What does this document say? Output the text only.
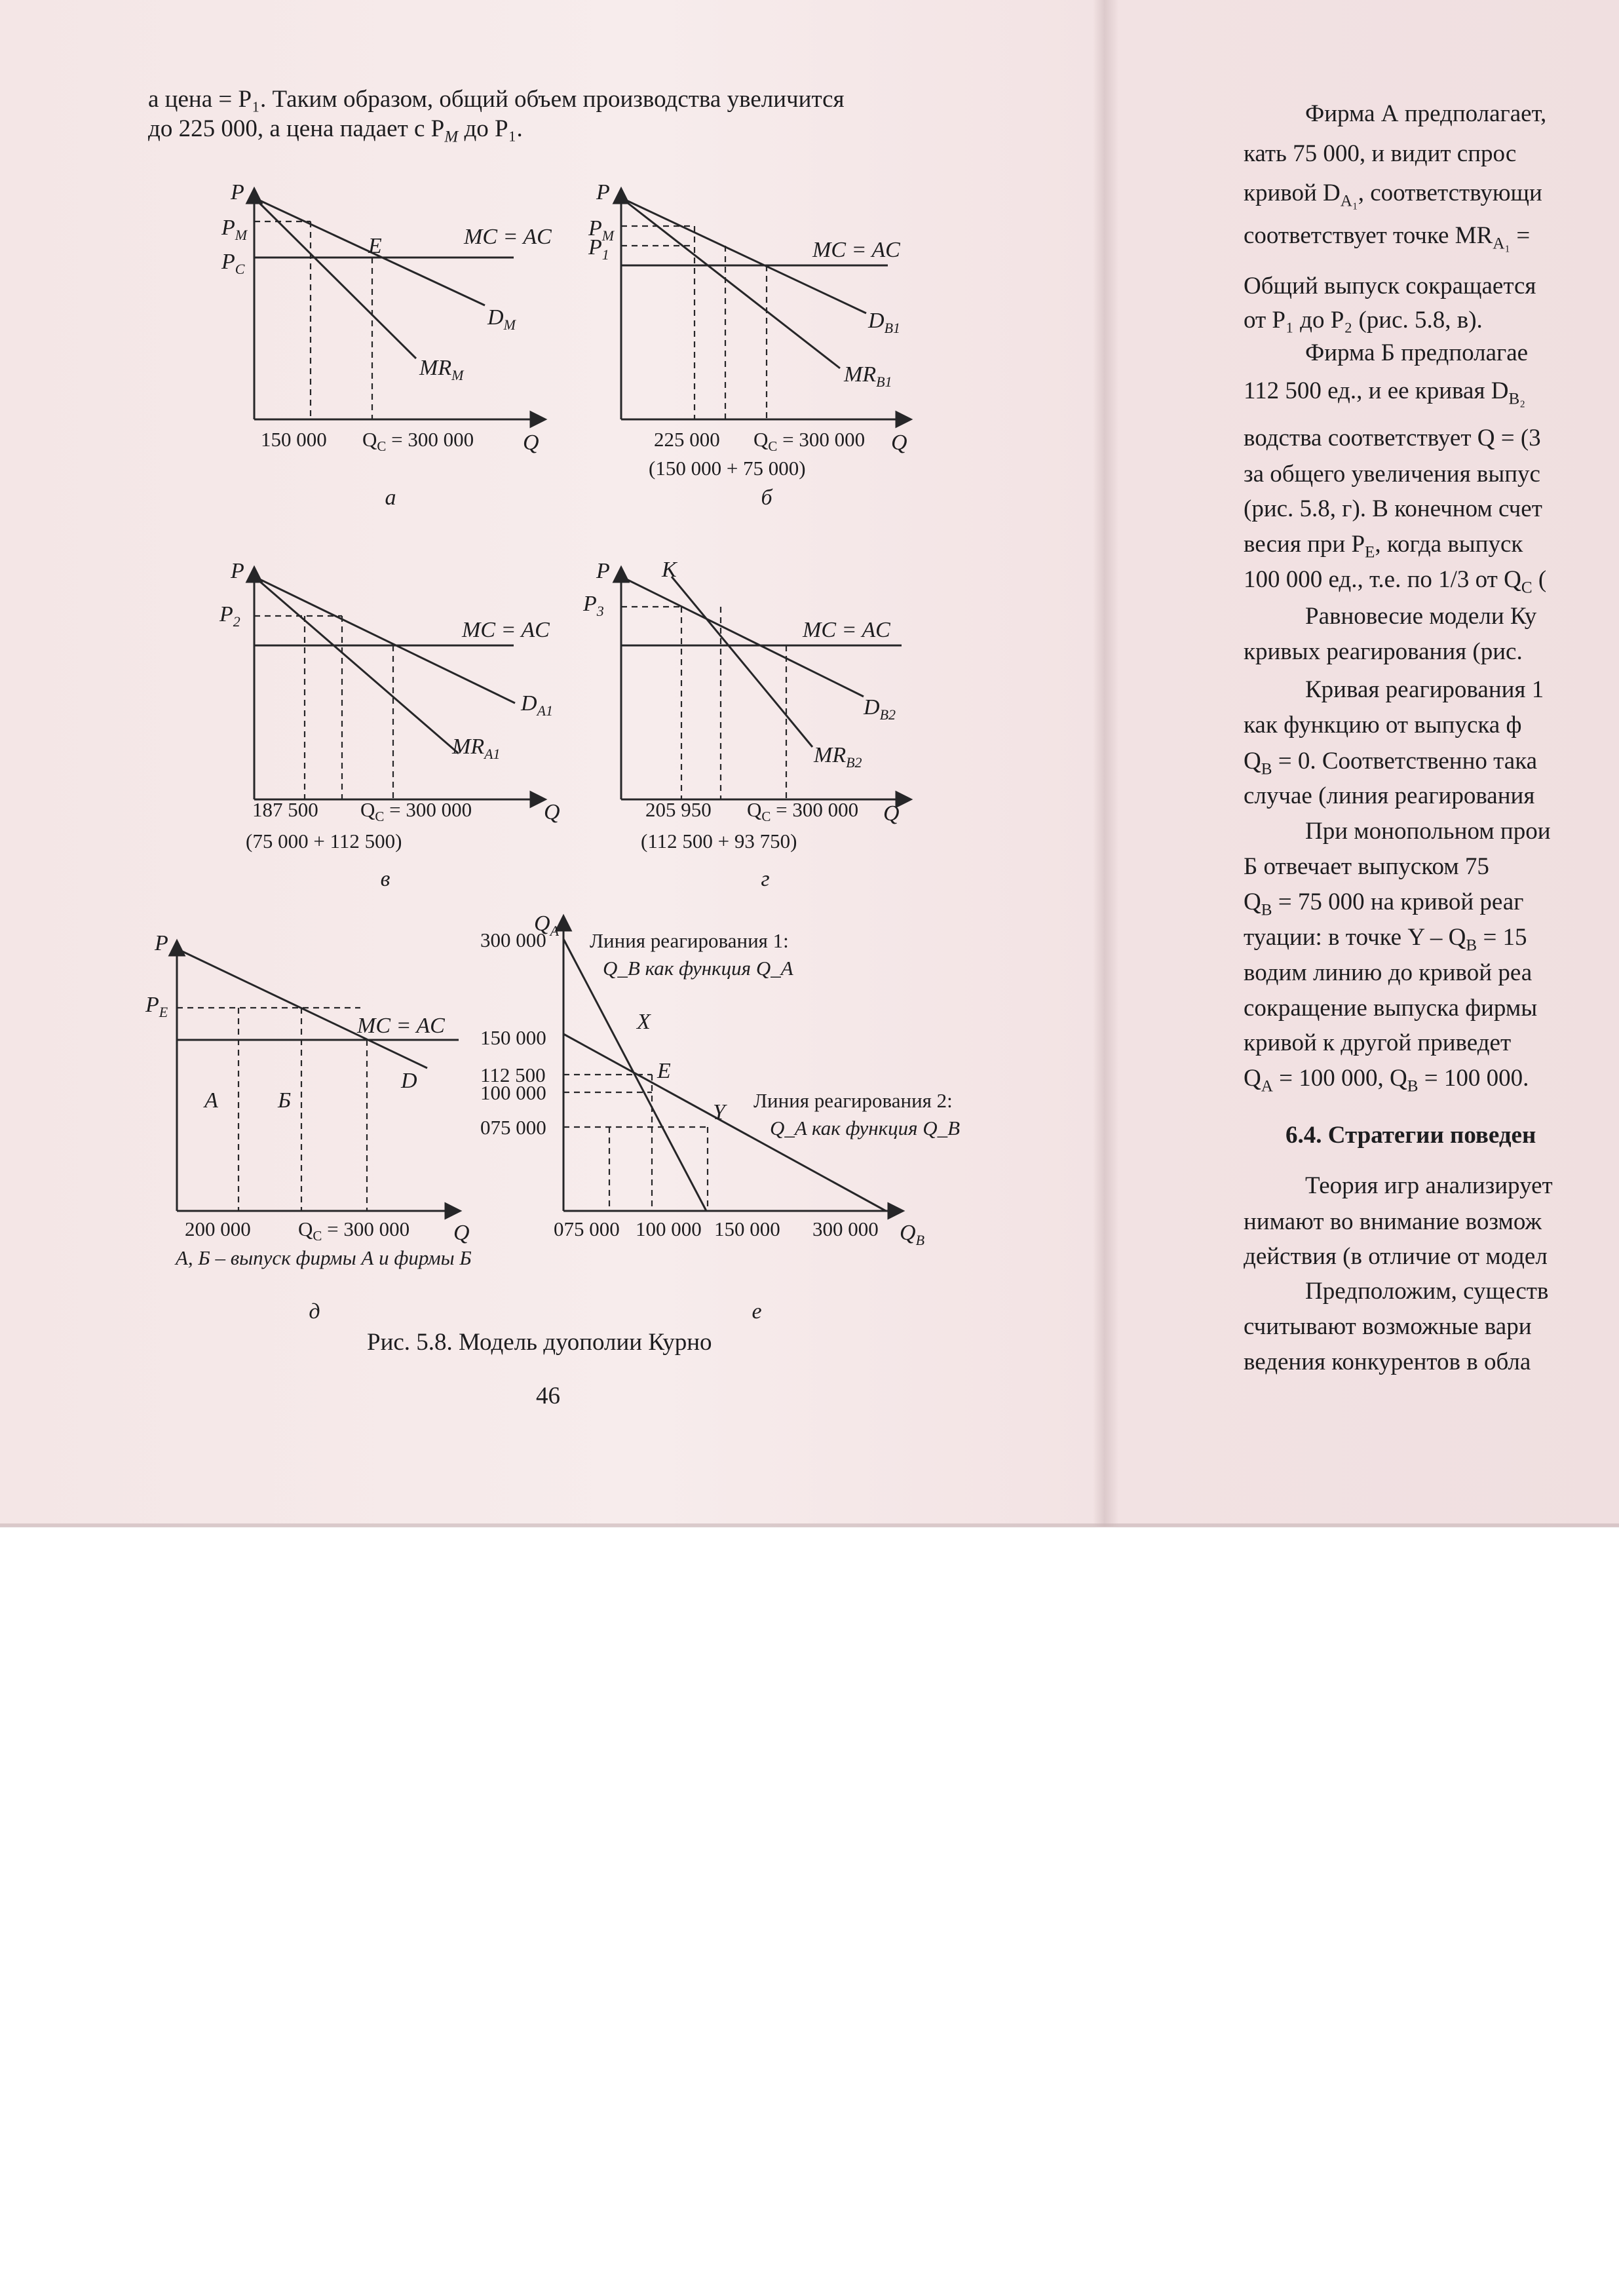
а цена = P₁. Таким образом, общий объем производства увеличится
до 225 000, а цена падает с $P_M$ до P₁.
P
$P_M$
$P_C$
E	MC = AC
$D_M$
$MR_M$
150 000 $Q_C = 300$ 000 Q
а
P
$P_M$
$P_1$	MC = AC
$D_{B1}$
$MR_{B1}$
225 000 $Q_C = 300$ 000 Q
(150 000 + 75 000)
б
P
$P_2$	MC = AC
$D_{A1}$
$MR_{A1}$
187 500 $Q_C = 300$ 000	Q
(75 000 + 112 500)
в
P K
$P_3$
MC = AC
$D_{B2}$
$MR_{B2}$
205 950 $Q_C = 300$ 000 Q
(112 500 + 93 750)
г
P
$P_E$
A	Б
MC = AC
D
200 000 $Q_C = 300$ 000 Q
А, Б – выпуск фирмы А и фирмы Б
д
$Q_A$
300 000
150 000
112 500
100 000
075 000
Линия реагирования 1:
Q_B как функция Q_A
Линия реагирования 2:
Q_A как функция Q_B
X
E
Y
075 000 100 000 150 000 300 000 $Q_B$
е
Рис. 5.8. Модель дуополии Курно
46
Фирма А предполагает,
кать 75 000, и видит спрос
кривой $D_{A_1}$, соответствующи
соответствует точке $MR_{A_1}$ =
Общий выпуск сокращается
от P₁ до P₂ (рис. 5.8, в).
Фирма Б предполагае
112 500 ед., и ее кривая $D_{B_2}$
водства соответствует Q = (3
за общего увеличения выпус
(рис. 5.8, г). В конечном счет
весия при $P_E$, когда выпуск
100 000 ед., т.е. по 1/3 от $Q_C$ (
Равновесие модели Ку
кривых реагирования (рис.
Кривая реагирования 1
как функцию от выпуска ф
$Q_B = 0$. Соответственно така
случае (линия реагирования
При монопольном прои
Б отвечает выпуском 75
$Q_B = 75$ 000 на кривой реаг
туации: в точке $Y - Q_B = 15$
водим линию до кривой реа
сокращение выпуска фирмы
кривой к другой приведет
$Q_A = 100$ 000, $Q_B = 100$ 000.
6.4. Стратегии поведен
Теория игр анализирует
нимают во внимание возмож
действия (в отличие от модел
Предположим, существ
считывают возможные вари
ведения конкурентов в обла
